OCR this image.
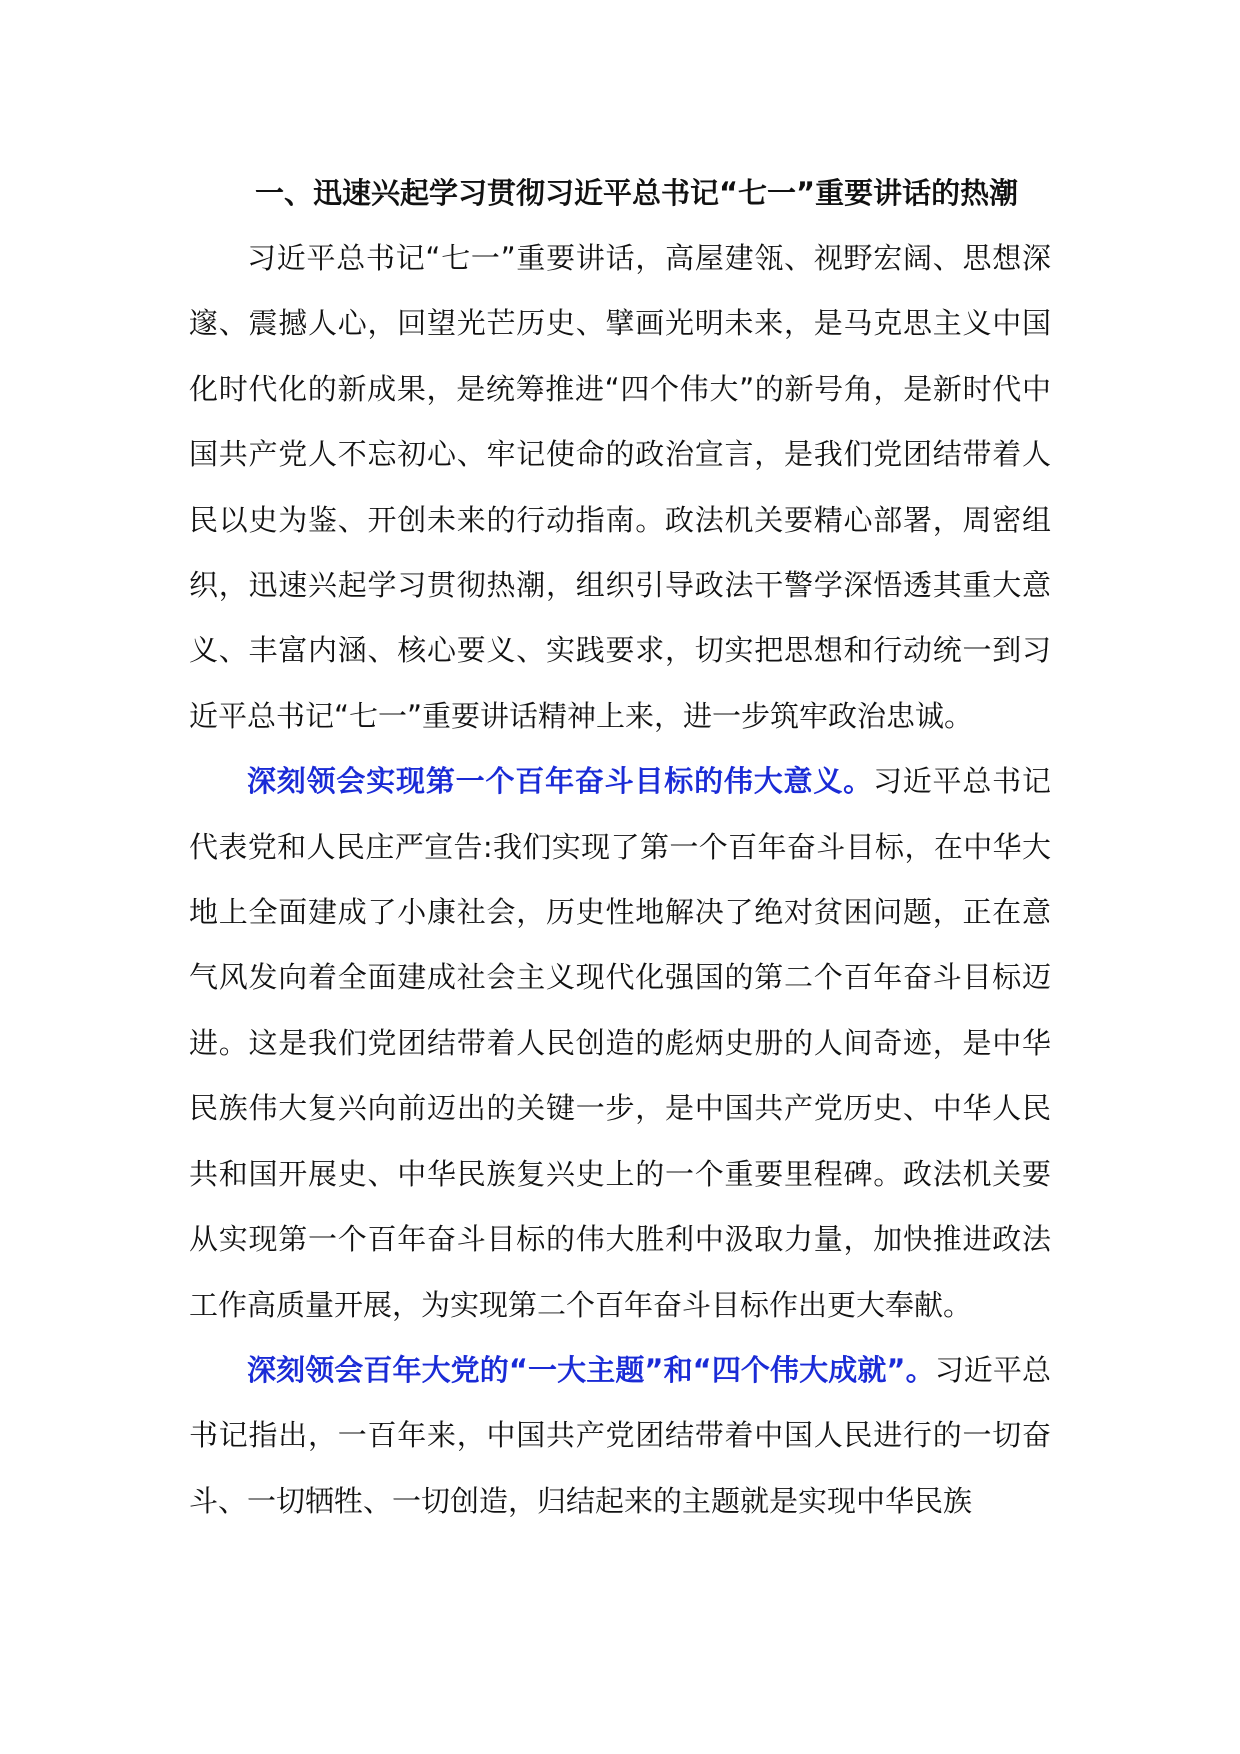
一、迅速兴起学习贯彻习近平总书记“七一”重要讲话的热潮

习近平总书记“七一”重要讲话，高屋建瓴、视野宏阔、思想深邃、震撼人心，回望光芒历史、擘画光明未来，是马克思主义中国化时代化的新成果，是统筹推进“四个伟大”的新号角，是新时代中国共产党人不忘初心、牢记使命的政治宣言，是我们党团结带着人民以史为鉴、开创未来的行动指南。政法机关要精心部署，周密组织，迅速兴起学习贯彻热潮，组织引导政法干警学深悟透其重大意义、丰富内涵、核心要义、实践要求，切实把思想和行动统一到习近平总书记“七一”重要讲话精神上来，进一步筑牢政治忠诚。

深刻领会实现第一个百年奋斗目标的伟大意义。习近平总书记代表党和人民庄严宣告:我们实现了第一个百年奋斗目标，在中华大地上全面建成了小康社会，历史性地解决了绝对贫困问题，正在意气风发向着全面建成社会主义现代化强国的第二个百年奋斗目标迈进。这是我们党团结带着人民创造的彪炳史册的人间奇迹，是中华民族伟大复兴向前迈出的关键一步，是中国共产党历史、中华人民共和国开展史、中华民族复兴史上的一个重要里程碑。政法机关要从实现第一个百年奋斗目标的伟大胜利中汲取力量，加快推进政法工作高质量开展，为实现第二个百年奋斗目标作出更大奉献。

深刻领会百年大党的“一大主题”和“四个伟大成就”。习近平总书记指出，一百年来，中国共产党团结带着中国人民进行的一切奋斗、一切牺牲、一切创造，归结起来的主题就是实现中华民族
